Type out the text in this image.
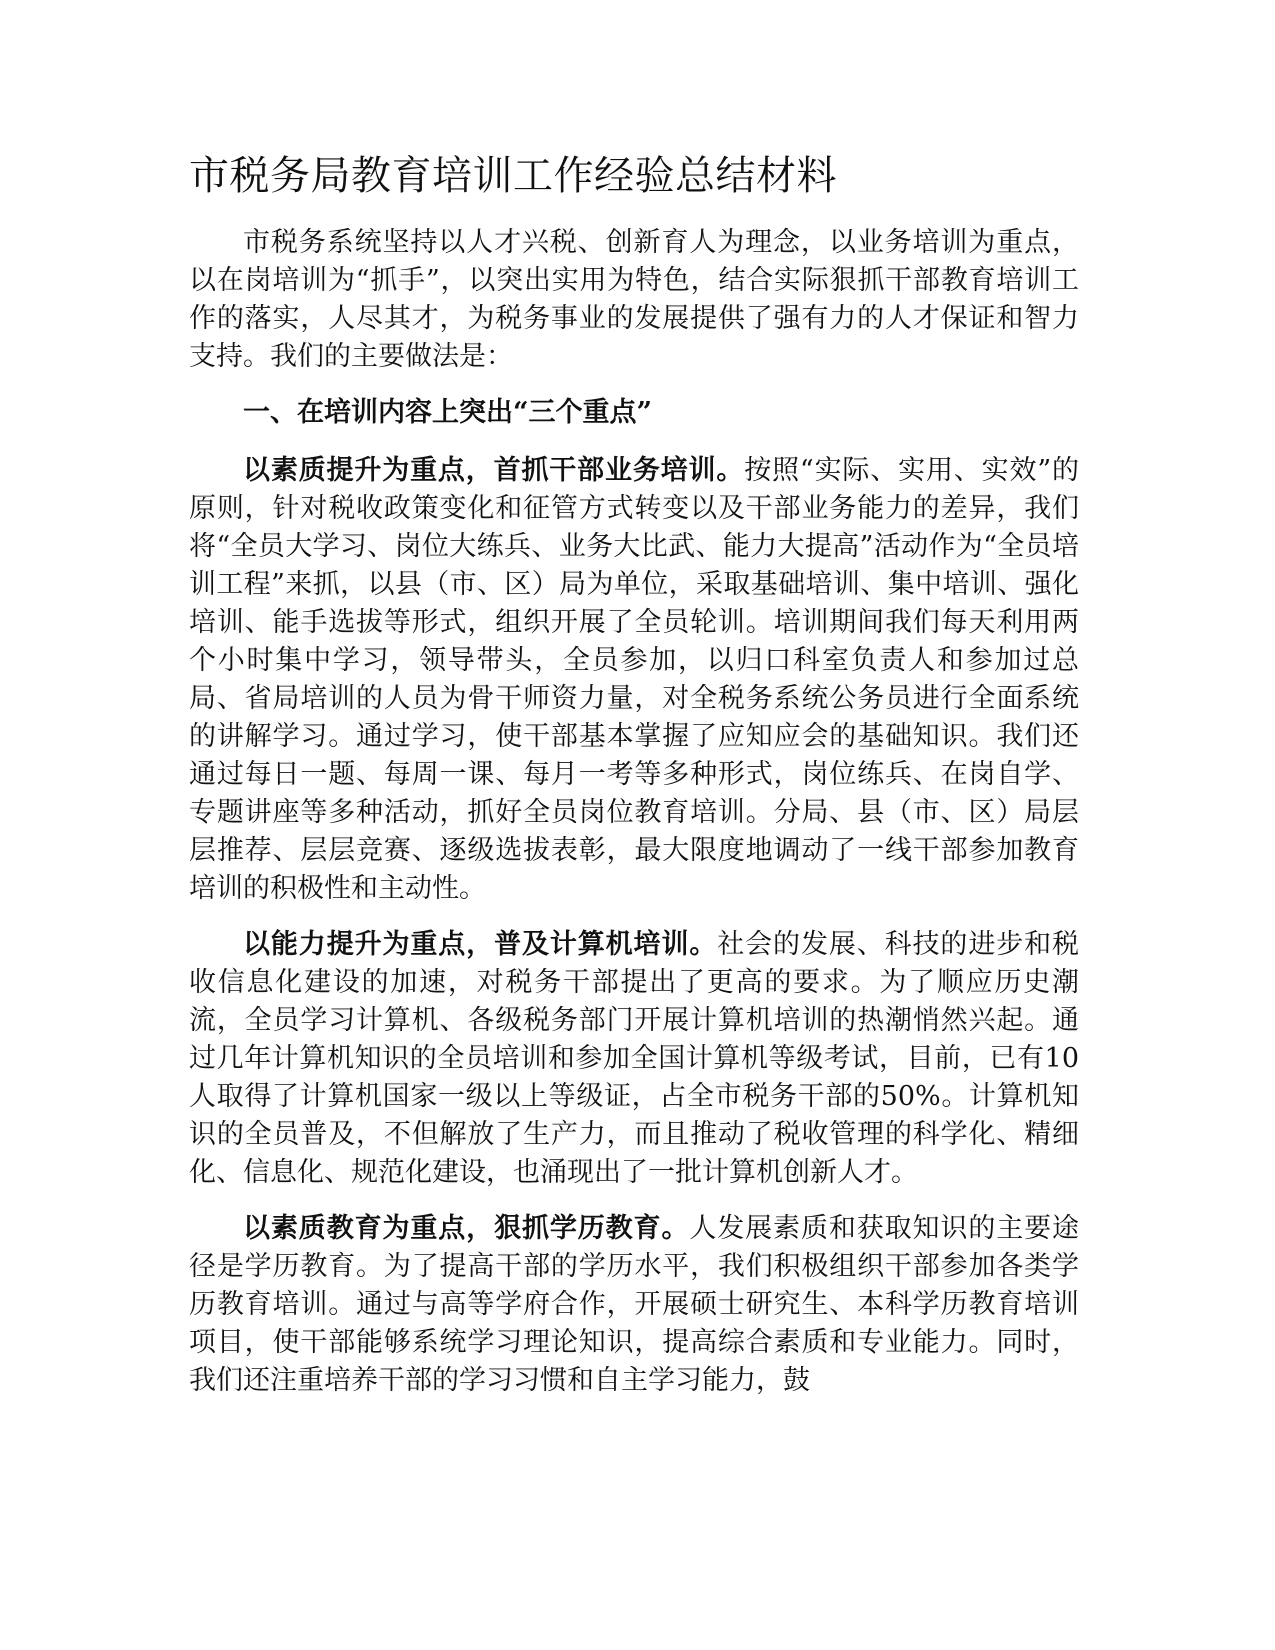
市税务局教育培训工作经验总结材料

市税务系统坚持以人才兴税、创新育人为理念，以业务培训为重点，以在岗培训为“抓手”，以突出实用为特色，结合实际狠抓干部教育培训工作的落实，人尽其才，为税务事业的发展提供了强有力的人才保证和智力支持。我们的主要做法是：

一、在培训内容上突出“三个重点”

以素质提升为重点，首抓干部业务培训。按照“实际、实用、实效”的原则，针对税收政策变化和征管方式转变以及干部业务能力的差异，我们将“全员大学习、岗位大练兵、业务大比武、能力大提高”活动作为“全员培训工程”来抓，以县（市、区）局为单位，采取基础培训、集中培训、强化培训、能手选拔等形式，组织开展了全员轮训。培训期间我们每天利用两个小时集中学习，领导带头，全员参加，以归口科室负责人和参加过总局、省局培训的人员为骨干师资力量，对全税务系统公务员进行全面系统的讲解学习。通过学习，使干部基本掌握了应知应会的基础知识。我们还通过每日一题、每周一课、每月一考等多种形式，岗位练兵、在岗自学、专题讲座等多种活动，抓好全员岗位教育培训。分局、县（市、区）局层层推荐、层层竞赛、逐级选拔表彰，最大限度地调动了一线干部参加教育培训的积极性和主动性。

以能力提升为重点，普及计算机培训。社会的发展、科技的进步和税收信息化建设的加速，对税务干部提出了更高的要求。为了顺应历史潮流，全员学习计算机、各级税务部门开展计算机培训的热潮悄然兴起。通过几年计算机知识的全员培训和参加全国计算机等级考试，目前，已有10人取得了计算机国家一级以上等级证，占全市税务干部的50%。计算机知识的全员普及，不但解放了生产力，而且推动了税收管理的科学化、精细化、信息化、规范化建设，也涌现出了一批计算机创新人才。

以素质教育为重点，狠抓学历教育。人发展素质和获取知识的主要途径是学历教育。为了提高干部的学历水平，我们积极组织干部参加各类学历教育培训。通过与高等学府合作，开展硕士研究生、本科学历教育培训项目，使干部能够系统学习理论知识，提高综合素质和专业能力。同时，我们还注重培养干部的学习习惯和自主学习能力，鼓
